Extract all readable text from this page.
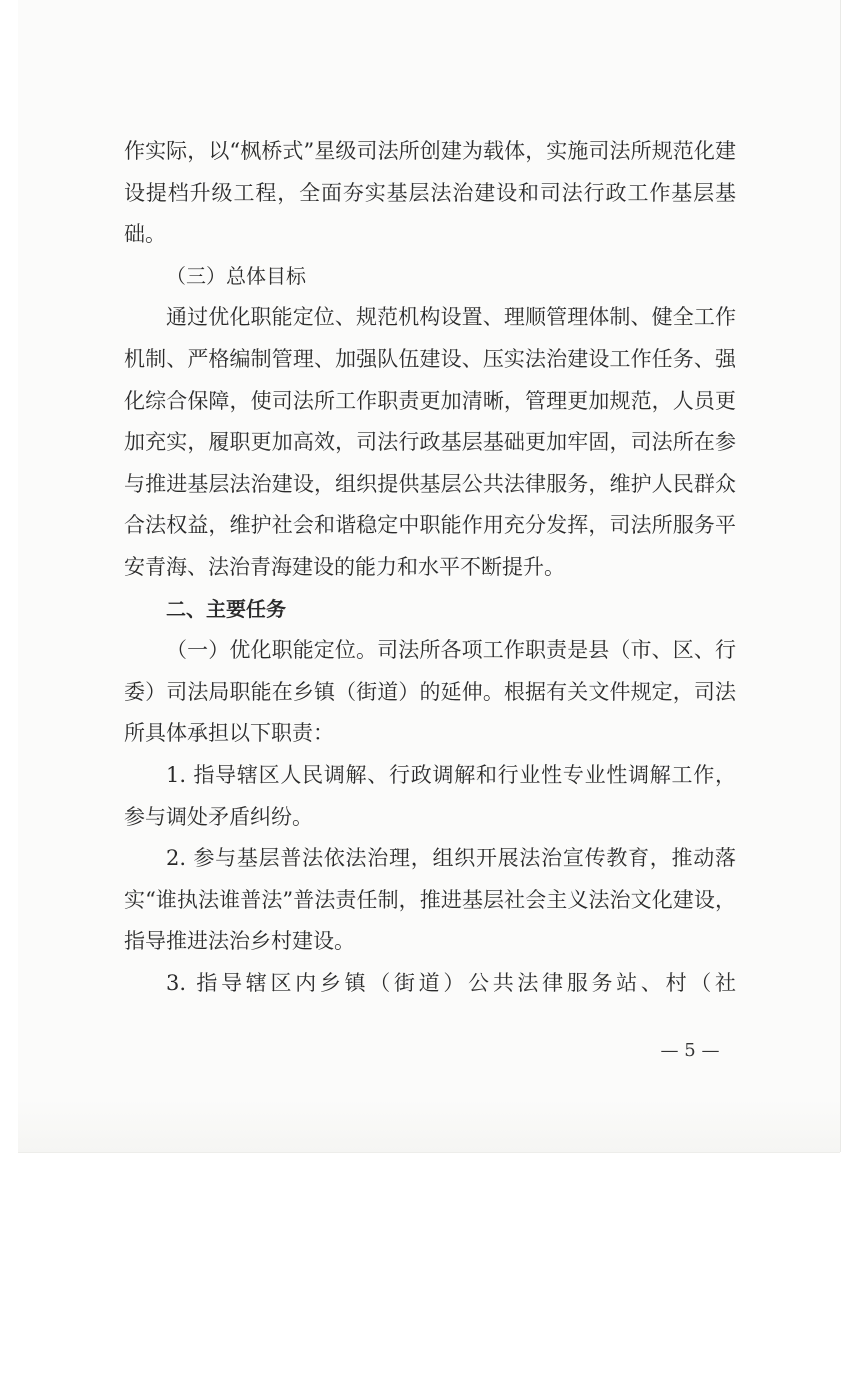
作实际，以“枫桥式”星级司法所创建为载体，实施司法所规范化建设提档升级工程，全面夯实基层法治建设和司法行政工作基层基础。

（三）总体目标

通过优化职能定位、规范机构设置、理顺管理体制、健全工作机制、严格编制管理、加强队伍建设、压实法治建设工作任务、强化综合保障，使司法所工作职责更加清晰，管理更加规范，人员更加充实，履职更加高效，司法行政基层基础更加牢固，司法所在参与推进基层法治建设，组织提供基层公共法律服务，维护人民群众合法权益，维护社会和谐稳定中职能作用充分发挥，司法所服务平安青海、法治青海建设的能力和水平不断提升。

二、主要任务

（一）优化职能定位。司法所各项工作职责是县（市、区、行委）司法局职能在乡镇（街道）的延伸。根据有关文件规定，司法所具体承担以下职责：

1. 指导辖区人民调解、行政调解和行业性专业性调解工作，参与调处矛盾纠纷。

2. 参与基层普法依法治理，组织开展法治宣传教育，推动落实“谁执法谁普法”普法责任制，推进基层社会主义法治文化建设，指导推进法治乡村建设。

3. 指导辖区内乡镇（街道）公共法律服务站、村（社

— 5 —
